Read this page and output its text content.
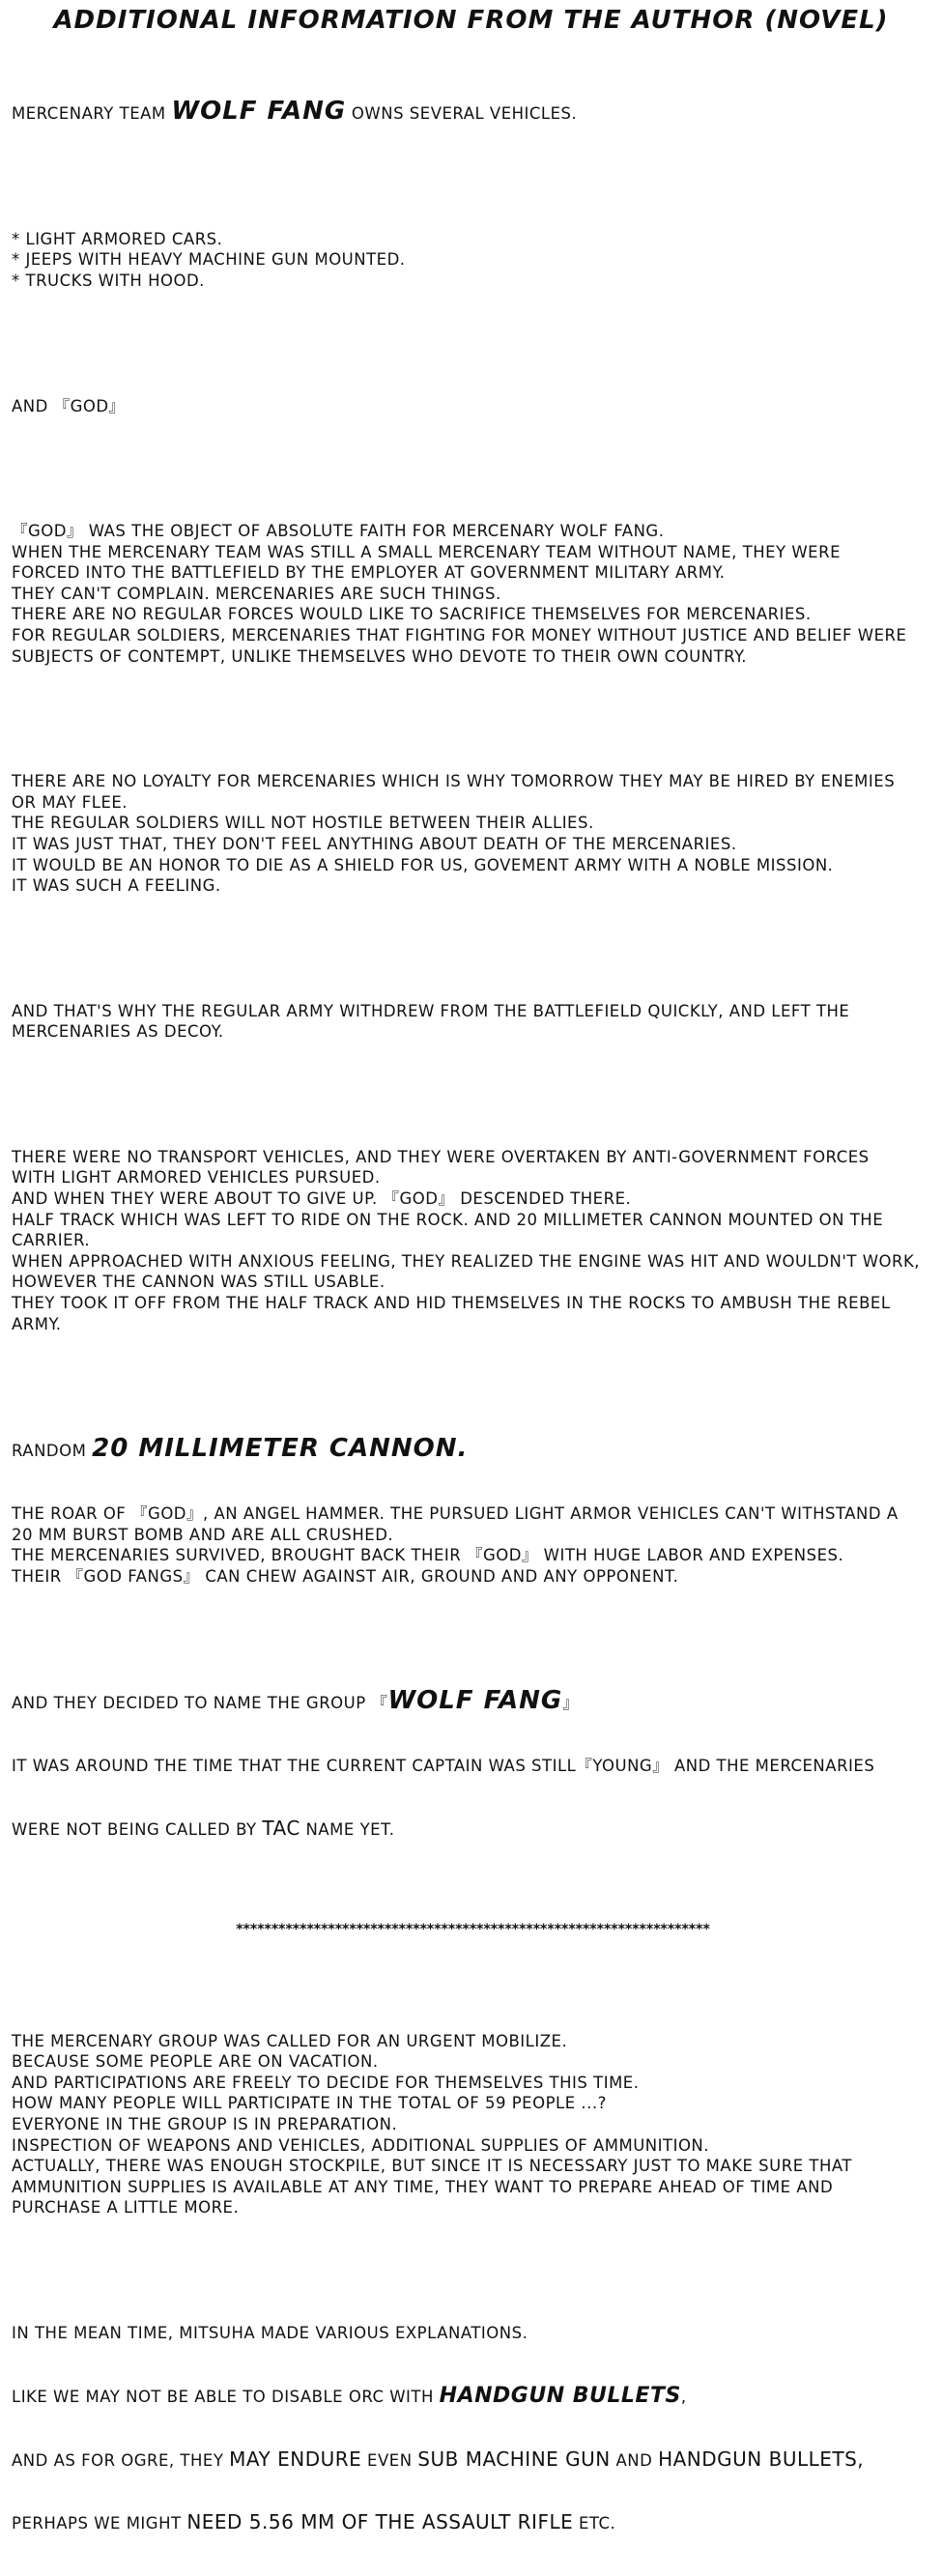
ADDITIONAL INFORMATION FROM THE AUTHOR (NOVEL)

MERCENARY TEAM WOLF FANG OWNS SEVERAL VEHICLES.

* LIGHT ARMORED CARS.
* JEEPS WITH HEAVY MACHINE GUN MOUNTED.
* TRUCKS WITH HOOD.

AND 『GOD』

『GOD』 WAS THE OBJECT OF ABSOLUTE FAITH FOR MERCENARY WOLF FANG.
WHEN THE MERCENARY TEAM WAS STILL A SMALL MERCENARY TEAM WITHOUT NAME, THEY WERE
FORCED INTO THE BATTLEFIELD BY THE EMPLOYER AT GOVERNMENT MILITARY ARMY.
THEY CAN'T COMPLAIN. MERCENARIES ARE SUCH THINGS.
THERE ARE NO REGULAR FORCES WOULD LIKE TO SACRIFICE THEMSELVES FOR MERCENARIES.
FOR REGULAR SOLDIERS, MERCENARIES THAT FIGHTING FOR MONEY WITHOUT JUSTICE AND BELIEF WERE
SUBJECTS OF CONTEMPT, UNLIKE THEMSELVES WHO DEVOTE TO THEIR OWN COUNTRY.

THERE ARE NO LOYALTY FOR MERCENARIES WHICH IS WHY TOMORROW THEY MAY BE HIRED BY ENEMIES
OR MAY FLEE.
THE REGULAR SOLDIERS WILL NOT HOSTILE BETWEEN THEIR ALLIES.
IT WAS JUST THAT, THEY DON'T FEEL ANYTHING ABOUT DEATH OF THE MERCENARIES.
IT WOULD BE AN HONOR TO DIE AS A SHIELD FOR US, GOVEMENT ARMY WITH A NOBLE MISSION.
IT WAS SUCH A FEELING.

AND THAT'S WHY THE REGULAR ARMY WITHDREW FROM THE BATTLEFIELD QUICKLY, AND LEFT THE
MERCENARIES AS DECOY.

THERE WERE NO TRANSPORT VEHICLES, AND THEY WERE OVERTAKEN BY ANTI-GOVERNMENT FORCES
WITH LIGHT ARMORED VEHICLES PURSUED.
AND WHEN THEY WERE ABOUT TO GIVE UP. 『GOD』 DESCENDED THERE.
HALF TRACK WHICH WAS LEFT TO RIDE ON THE ROCK. AND 20 MILLIMETER CANNON MOUNTED ON THE
CARRIER.
WHEN APPROACHED WITH ANXIOUS FEELING, THEY REALIZED THE ENGINE WAS HIT AND WOULDN'T WORK,
HOWEVER THE CANNON WAS STILL USABLE.
THEY TOOK IT OFF FROM THE HALF TRACK AND HID THEMSELVES IN THE ROCKS TO AMBUSH THE REBEL
ARMY.

RANDOM 20 MILLIMETER CANNON.

THE ROAR OF 『GOD』, AN ANGEL HAMMER. THE PURSUED LIGHT ARMOR VEHICLES CAN'T WITHSTAND A
20 MM BURST BOMB AND ARE ALL CRUSHED.
THE MERCENARIES SURVIVED, BROUGHT BACK THEIR 『GOD』 WITH HUGE LABOR AND EXPENSES.
THEIR 『GOD FANGS』 CAN CHEW AGAINST AIR, GROUND AND ANY OPPONENT.

AND THEY DECIDED TO NAME THE GROUP 『WOLF FANG』

IT WAS AROUND THE TIME THAT THE CURRENT CAPTAIN WAS STILL『YOUNG』 AND THE MERCENARIES

WERE NOT BEING CALLED BY TAC NAME YET.

*******************************************************************

THE MERCENARY GROUP WAS CALLED FOR AN URGENT MOBILIZE.
BECAUSE SOME PEOPLE ARE ON VACATION.
AND PARTICIPATIONS ARE FREELY TO DECIDE FOR THEMSELVES THIS TIME.
HOW MANY PEOPLE WILL PARTICIPATE IN THE TOTAL OF 59 PEOPLE ...?
EVERYONE IN THE GROUP IS IN PREPARATION.
INSPECTION OF WEAPONS AND VEHICLES, ADDITIONAL SUPPLIES OF AMMUNITION.
ACTUALLY, THERE WAS ENOUGH STOCKPILE, BUT SINCE IT IS NECESSARY JUST TO MAKE SURE THAT
AMMUNITION SUPPLIES IS AVAILABLE AT ANY TIME, THEY WANT TO PREPARE AHEAD OF TIME AND
PURCHASE A LITTLE MORE.

IN THE MEAN TIME, MITSUHA MADE VARIOUS EXPLANATIONS.

LIKE WE MAY NOT BE ABLE TO DISABLE ORC WITH HANDGUN BULLETS,

AND AS FOR OGRE, THEY MAY ENDURE EVEN SUB MACHINE GUN AND HANDGUN BULLETS,

PERHAPS WE MIGHT NEED 5.56 MM OF THE ASSAULT RIFLE ETC.
